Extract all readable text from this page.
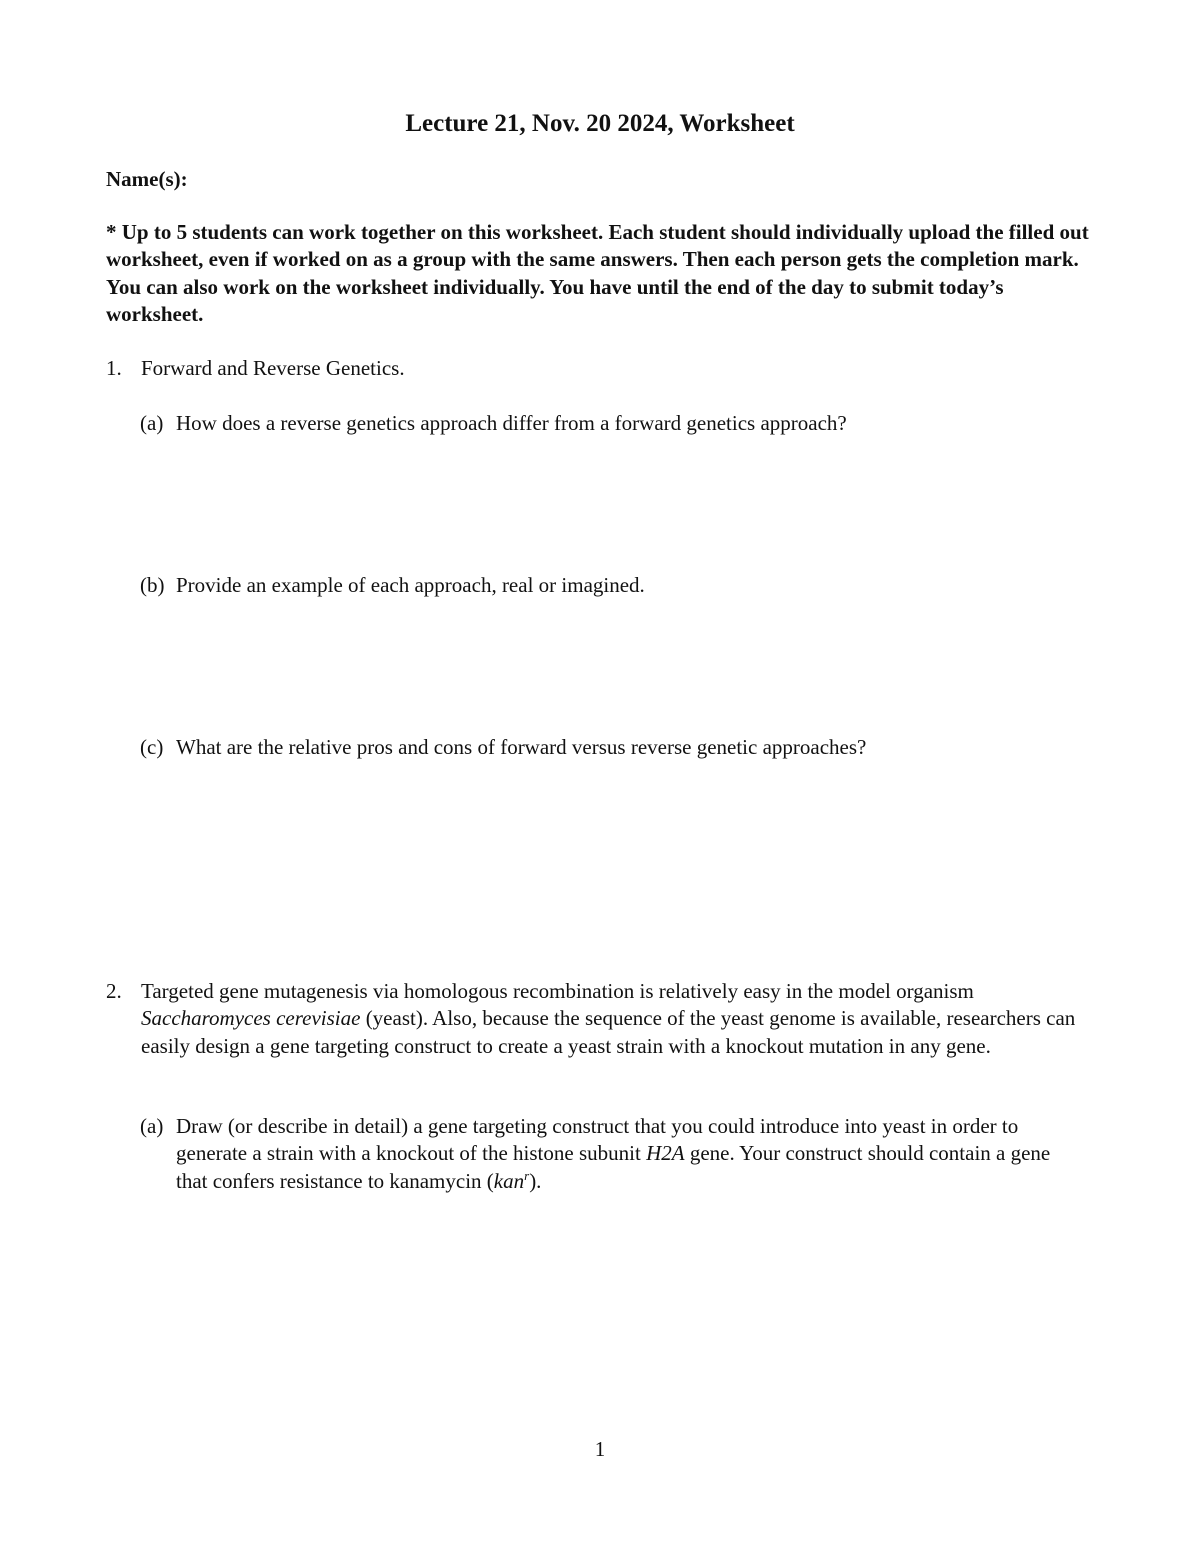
Lecture 21, Nov. 20 2024, Worksheet
Name(s):
* Up to 5 students can work together on this worksheet. Each student should individually upload the filled out worksheet, even if worked on as a group with the same answers. Then each person gets the completion mark. You can also work on the worksheet individually. You have until the end of the day to submit today’s worksheet.
1. Forward and Reverse Genetics.
(a) How does a reverse genetics approach differ from a forward genetics approach?
(b) Provide an example of each approach, real or imagined.
(c) What are the relative pros and cons of forward versus reverse genetic approaches?
2. Targeted gene mutagenesis via homologous recombination is relatively easy in the model organism Saccharomyces cerevisiae (yeast). Also, because the sequence of the yeast genome is available, researchers can easily design a gene targeting construct to create a yeast strain with a knockout mutation in any gene.
(a) Draw (or describe in detail) a gene targeting construct that you could introduce into yeast in order to generate a strain with a knockout of the histone subunit H2A gene. Your construct should contain a gene that confers resistance to kanamycin (kan$^r$).
1
